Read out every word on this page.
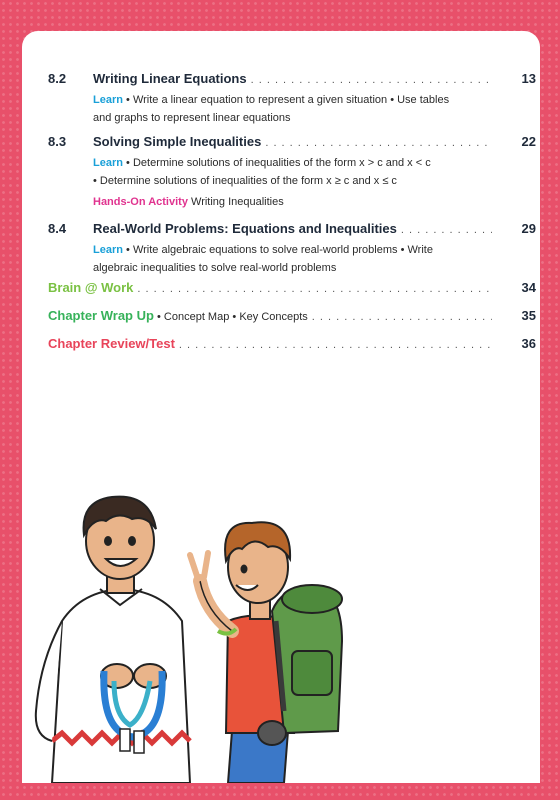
8.2 Writing Linear Equations . . .	13
Learn • Write a linear equation to represent a given situation • Use tables
and graphs to represent linear equations
8.3 Solving Simple Inequalities . . .	22
Learn • Determine solutions of inequalities of the form x > c and x < c
• Determine solutions of inequalities of the form x ≥ c and x ≤ c
Hands-On Activity Writing Inequalities
8.4 Real-World Problems: Equations and Inequalities . . .	29
Learn • Write algebraic equations to solve real-world problems • Write
algebraic inequalities to solve real-world problems
Brain @ Work . . .	34
Chapter Wrap Up • Concept Map • Key Concepts . . .	35
Chapter Review/Test . . .	36
iv
